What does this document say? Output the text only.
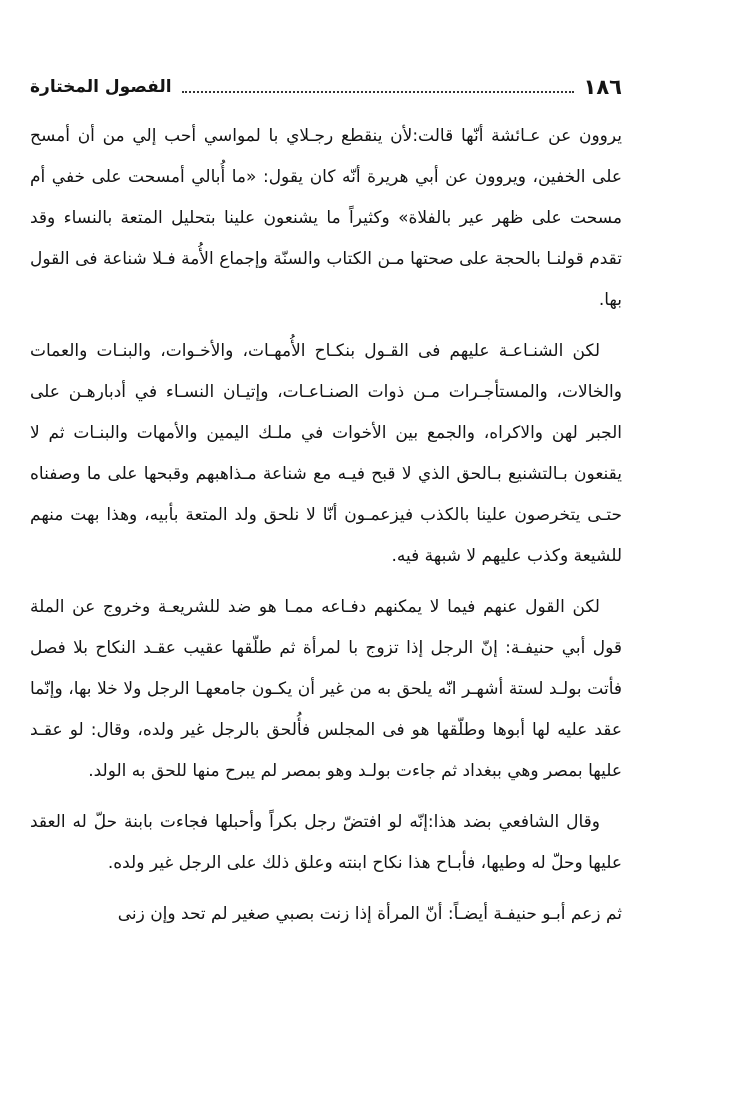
١٨٦
الفصول المختارة

يروون عن عـائشة أنّها قالت:لأن ينقطع رجـلاي با لمواسي أحب إلي من أن أمسح على الخفين، ويروون عن أبي هريرة أنّه كان يقول: «ما أُبالي أمسحت على خفي أم مسحت على ظهر عير بالفلاة» وكثيراً ما يشنعون علينا بتحليل المتعة بالنساء وقد تقدم قولنـا بالحجة على صحتها مـن الكتاب والسنّة وإجماع الأُمة فـلا شناعة فى القول بها.

لكن الشنـاعـة عليهم فى القـول بنكـاح الأُمهـات، والأخـوات، والبنـات والعمات والخالات، والمستأجـرات مـن ذوات الصنـاعـات، وإتيـان النسـاء في أدبارهـن على الجبر لهن والاكراه، والجمع بين الأخوات في ملـك اليمين والأمهات والبنـات ثم لا يقنعون بـالتشنيع بـالحق الذي لا قبح فيـه مع شناعة مـذاهبهم وقبحها على ما وصفناه حتـى يتخرصون علينا بالكذب فيزعمـون أنّا لا نلحق ولد المتعة بأبيه، وهذا بهت منهم للشيعة وكذب عليهم لا شبهة فيه.

لكن القول عنهم فيما لا يمكنهم دفـاعه ممـا هو ضد للشريعـة وخروج عن الملة قول أبي حنيفـة: إنّ الرجل إذا تزوج با لمرأة ثم طلّقها عقيب عقـد النكاح بلا فصل فأتت بولـد لستة أشهـر انّه يلحق به من غير أن يكـون جامعهـا الرجل ولا خلا بها، وإنّما عقد عليه لها أبوها وطلّقها هو فى المجلس فأُلحق بالرجل غير ولده، وقال: لو عقـد عليها بمصر وهي ببغداد ثم جاءت بولـد وهو بمصر لم يبرح منها للحق به الولد.

وقال الشافعي بضد هذا:إنّه لو افتضّ رجل بكراً وأحبلها فجاءت بابنة حلّ له العقد عليها وحلّ له وطيها، فأبـاح هذا نكاح ابنته وعلق ذلك على الرجل غير ولده.

ثم زعم أبـو حنيفـة أيضـاً: أنّ المرأة إذا زنت بصبي صغير لم تحد وإن زنى
